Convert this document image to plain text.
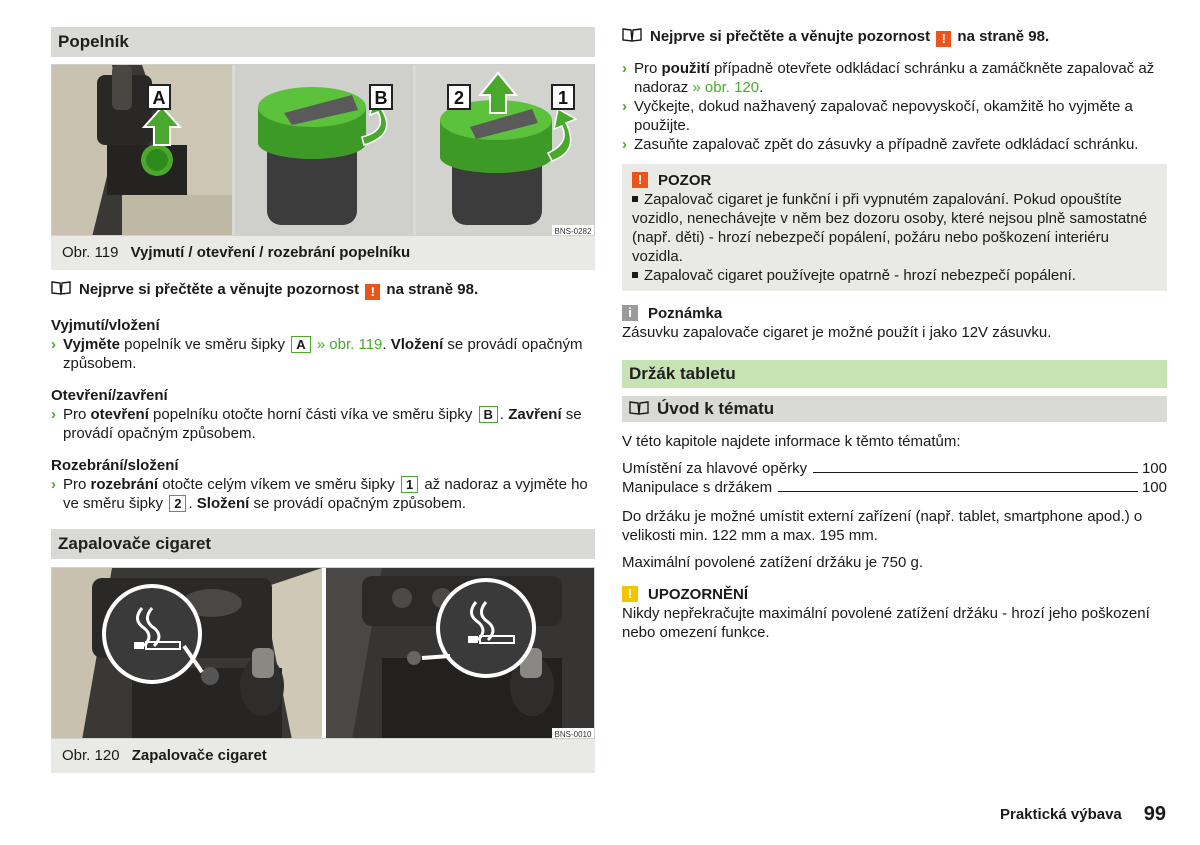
Popelník
A	B	2	1
BNS-0282
Obr. 119 Vyjmutí / otevření / rozebrání popelníku
Nejprve si přečtěte a věnujte pozornost ! na straně 98.
Vyjmutí/vložení
› Vyjměte popelník ve směru šipky A » obr. 119. Vložení se provádí opačným způsobem.
Otevření/zavření
› Pro otevření popelníku otočte horní části víka ve směru šipky B . Zavření se provádí opačným způsobem.
Rozebrání/složení
› Pro rozebrání otočte celým víkem ve směru šipky 1 až nadoraz a vyjměte ho ve směru šipky 2 . Složení se provádí opačným způsobem.
Zapalovače cigaret
BNS-0010
Obr. 120 Zapalovače cigaret
Nejprve si přečtěte a věnujte pozornost ! na straně 98.
› Pro použití případně otevřete odkládací schránku a zamáčkněte zapalovač až nadoraz » obr. 120.
› Vyčkejte, dokud nažhavený zapalovač nepovyskočí, okamžitě ho vyjměte a použijte.
› Zasuňte zapalovač zpět do zásuvky a případně zavřete odkládací schránku.
!	POZOR
Zapalovač cigaret je funkční i při vypnutém zapalování. Pokud opouštíte vozidlo, nenechávejte v něm bez dozoru osoby, které nejsou plně samostatné (např. děti) - hrozí nebezpečí popálení, požáru nebo poškození interiéru vozidla.
Zapalovač cigaret používejte opatrně - hrozí nebezpečí popálení.
i	Poznámka
Zásuvku zapalovače cigaret je možné použít i jako 12V zásuvku.
Držák tabletu
Úvod k tématu
V této kapitole najdete informace k těmto tématům:
Umístění za hlavové opěrky	100
Manipulace s držákem	100
Do držáku je možné umístit externí zařízení (např. tablet, smartphone apod.) o velikosti min. 122 mm a max. 195 mm.
Maximální povolené zatížení držáku je 750 g.
!	UPOZORNĚNÍ
Nikdy nepřekračujte maximální povolené zatížení držáku - hrozí jeho poškození nebo omezení funkce.
Praktická výbava 99
